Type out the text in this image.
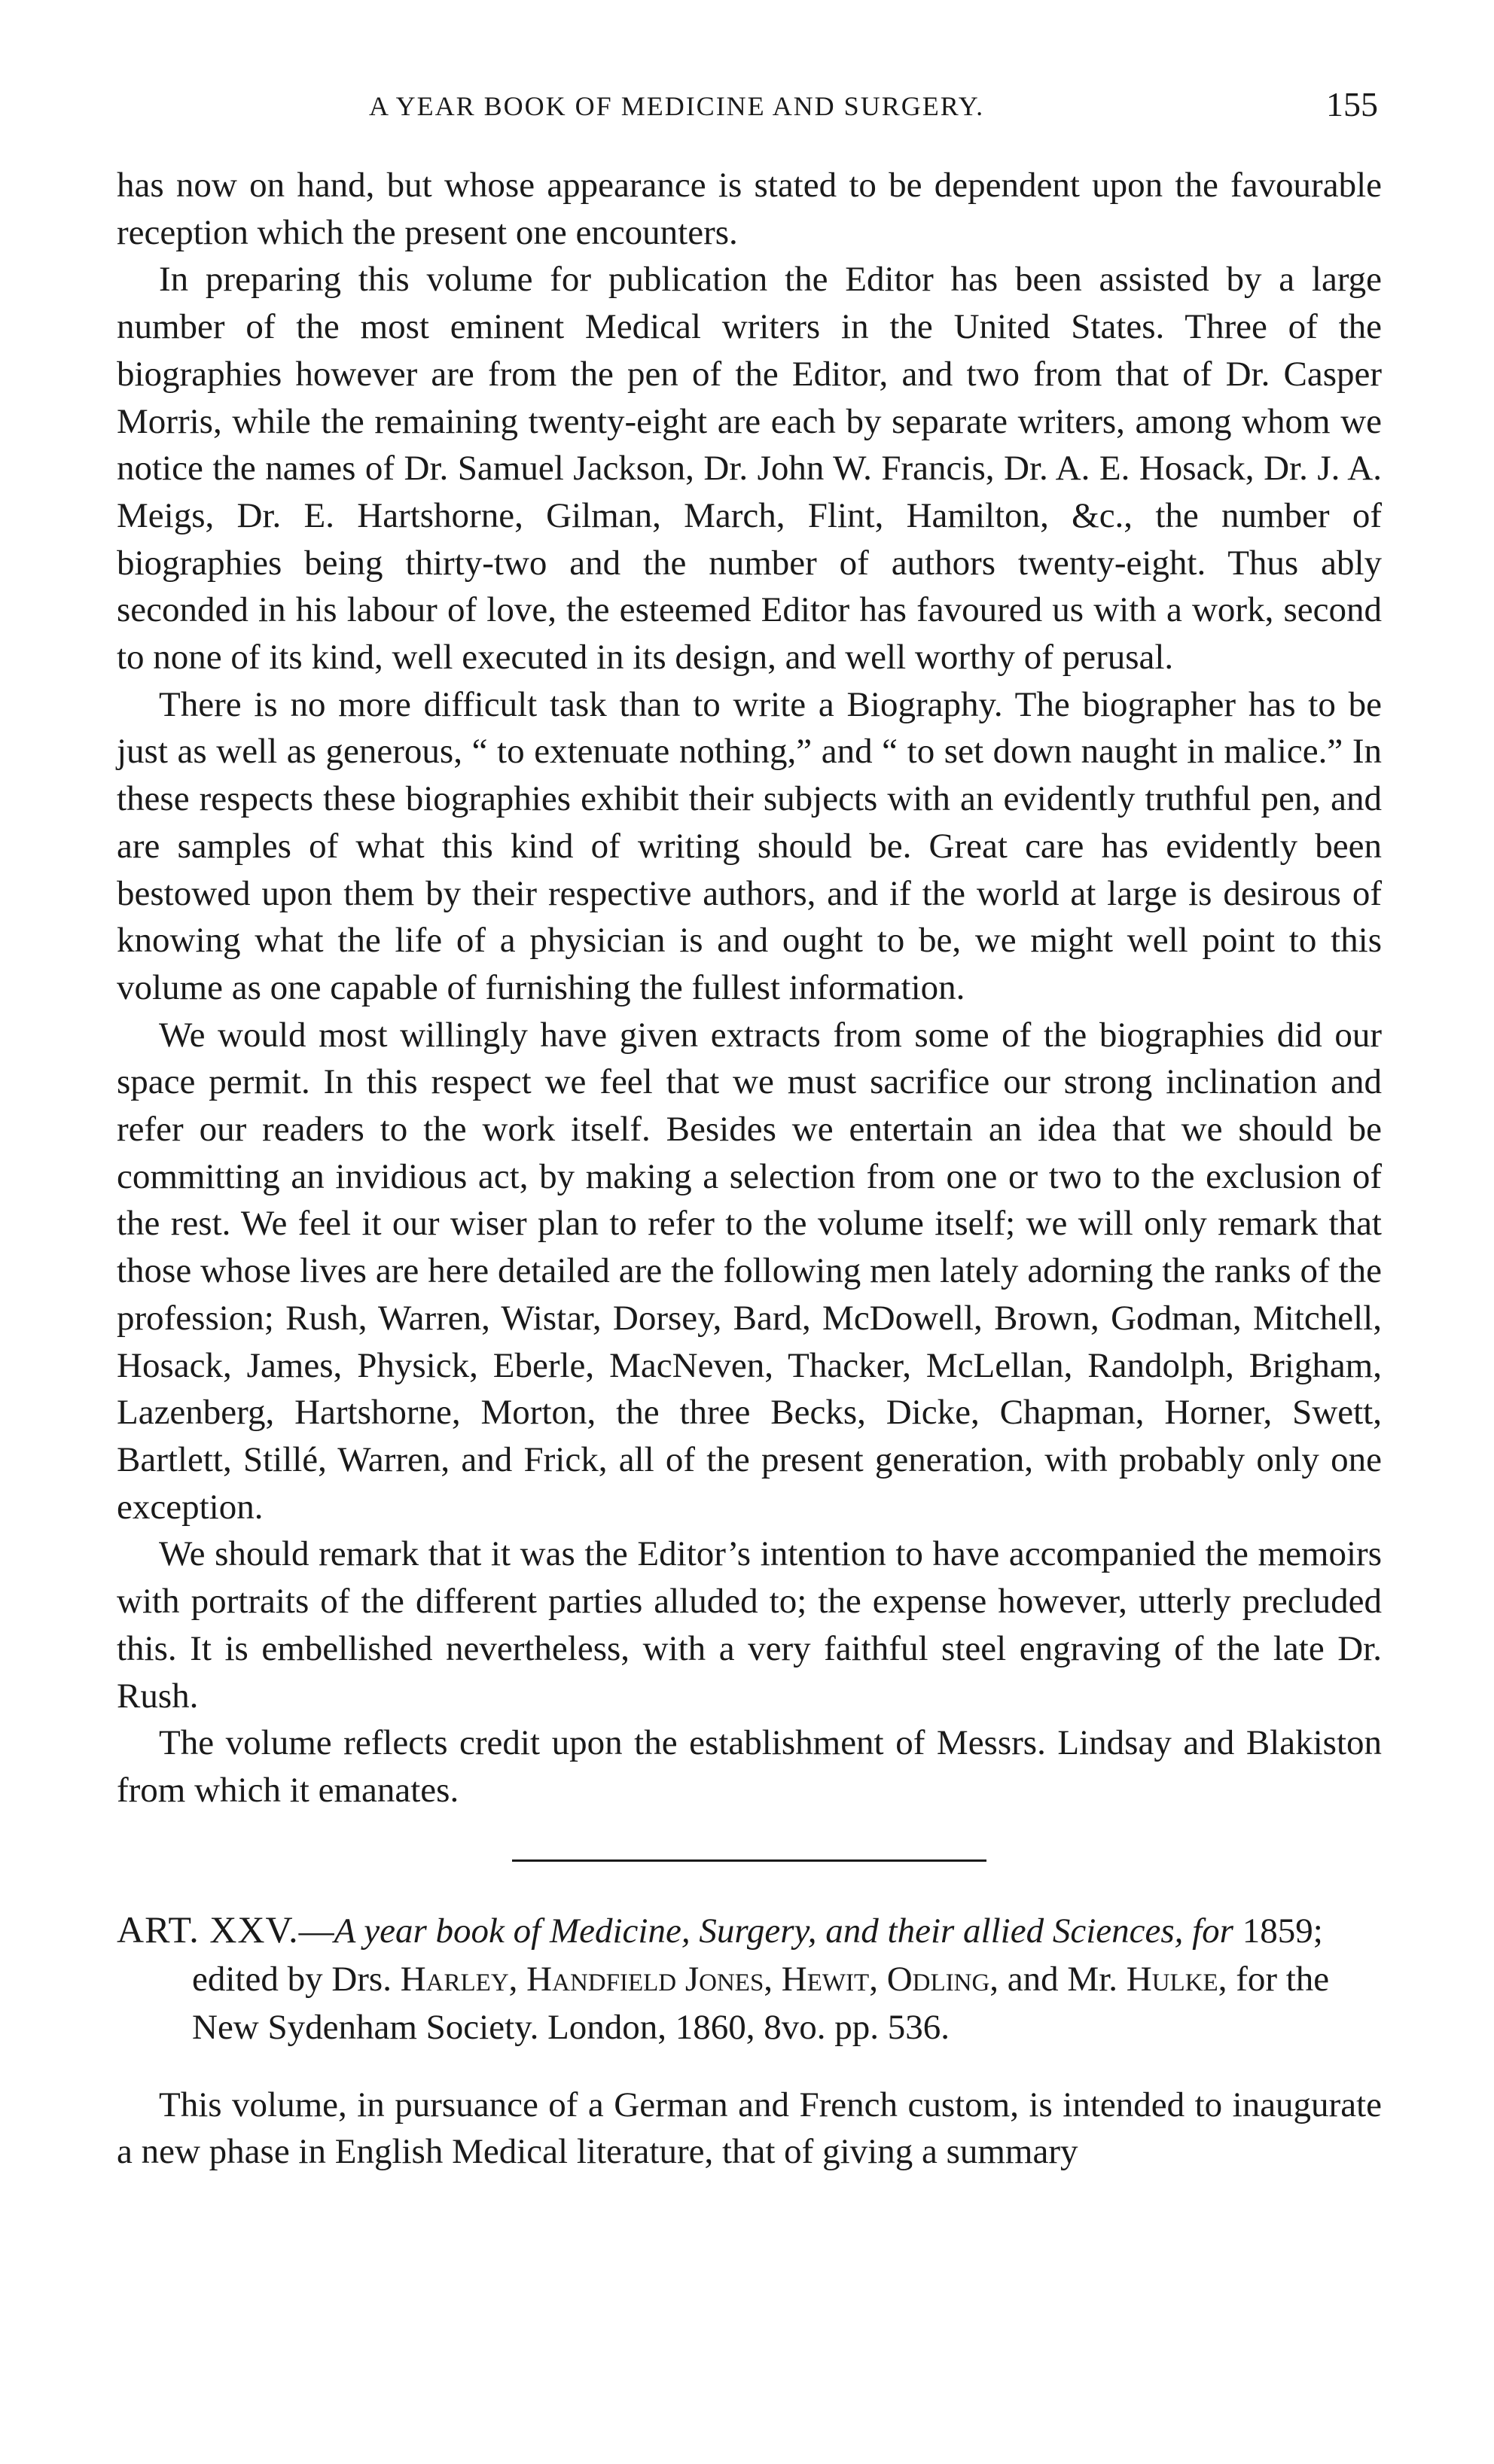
A YEAR BOOK OF MEDICINE AND SURGERY.	155

has now on hand, but whose appearance is stated to be dependent upon the favourable reception which the present one encounters.

In preparing this volume for publication the Editor has been assisted by a large number of the most eminent Medical writers in the United States. Three of the biographies however are from the pen of the Editor, and two from that of Dr. Casper Morris, while the remaining twenty-eight are each by separate writers, among whom we notice the names of Dr. Samuel Jackson, Dr. John W. Francis, Dr. A. E. Hosack, Dr. J. A. Meigs, Dr. E. Hartshorne, Gilman, March, Flint, Hamilton, &c., the number of biographies being thirty-two and the number of authors twenty-eight. Thus ably seconded in his labour of love, the esteemed Editor has favoured us with a work, second to none of its kind, well executed in its design, and well worthy of perusal.

There is no more difficult task than to write a Biography. The biographer has to be just as well as generous, “ to extenuate nothing,” and “ to set down naught in malice.” In these respects these biographies exhibit their subjects with an evidently truthful pen, and are samples of what this kind of writing should be. Great care has evidently been bestowed upon them by their respective authors, and if the world at large is desirous of knowing what the life of a physician is and ought to be, we might well point to this volume as one capable of furnishing the fullest information.

We would most willingly have given extracts from some of the biographies did our space permit. In this respect we feel that we must sacrifice our strong inclination and refer our readers to the work itself. Besides we entertain an idea that we should be committing an invidious act, by making a selection from one or two to the exclusion of the rest. We feel it our wiser plan to refer to the volume itself; we will only remark that those whose lives are here detailed are the following men lately adorning the ranks of the profession; Rush, Warren, Wistar, Dorsey, Bard, McDowell, Brown, Godman, Mitchell, Hosack, James, Physick, Eberle, MacNeven, Thacker, McLellan, Randolph, Brigham, Lazenberg, Hartshorne, Morton, the three Becks, Dicke, Chapman, Horner, Swett, Bartlett, Stillé, Warren, and Frick, all of the present generation, with probably only one exception.

We should remark that it was the Editor’s intention to have accompanied the memoirs with portraits of the different parties alluded to; the expense however, utterly precluded this. It is embellished nevertheless, with a very faithful steel engraving of the late Dr. Rush.

The volume reflects credit upon the establishment of Messrs. Lindsay and Blakiston from which it emanates.

ART. XXV.—A year book of Medicine, Surgery, and their allied Sciences, for 1859; edited by Drs. Harley, Handfield Jones, Hewit, Odling, and Mr. Hulke, for the New Sydenham Society. London, 1860, 8vo. pp. 536.

This volume, in pursuance of a German and French custom, is intended to inaugurate a new phase in English Medical literature, that of giving a summary
